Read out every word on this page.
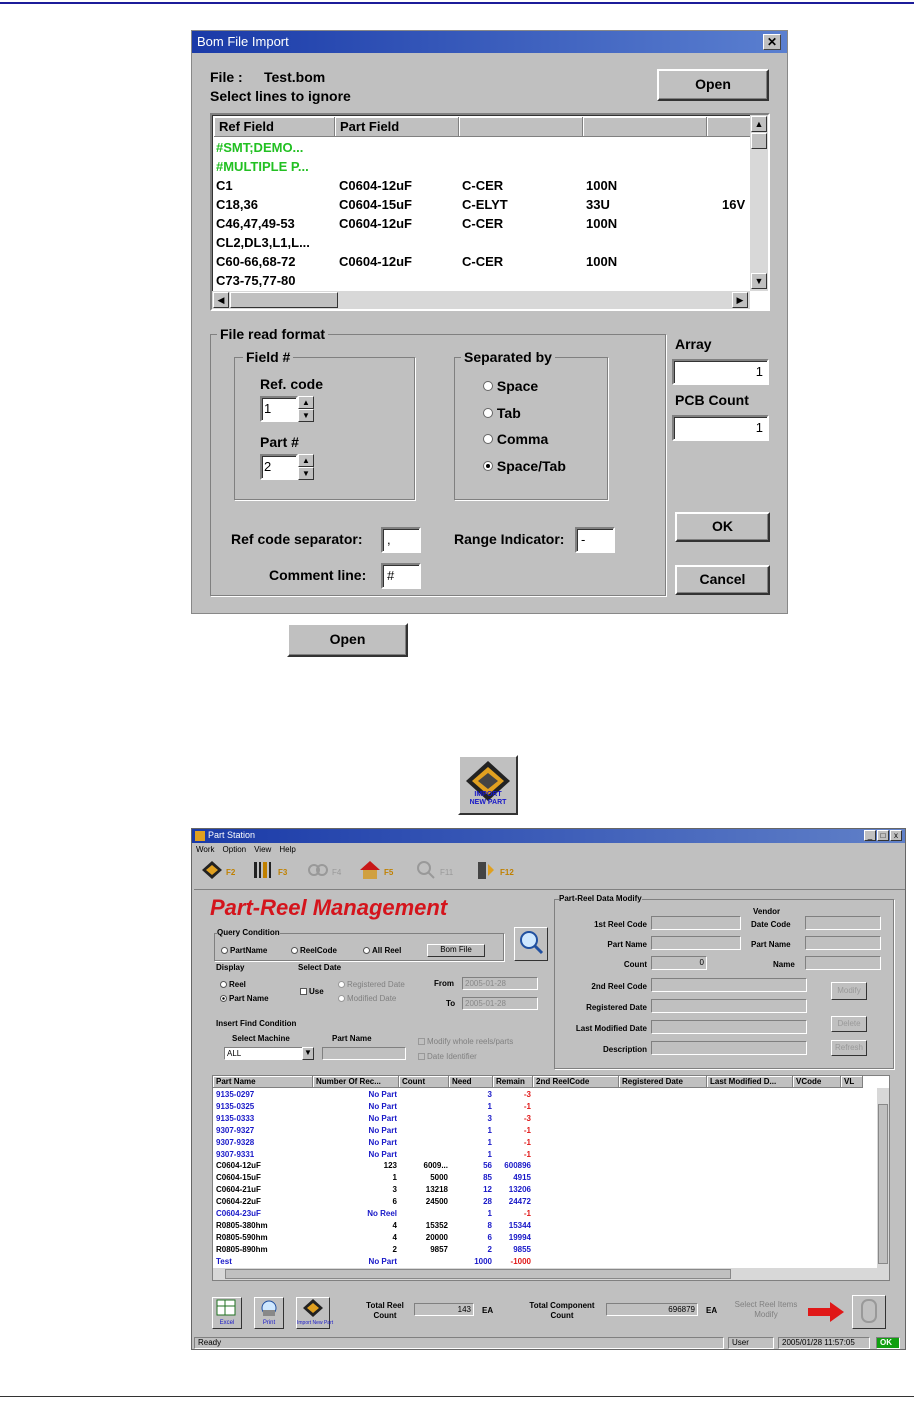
Bom File Import	✕
File : Test.bom
Select lines to ignore
Open
Ref Field	Part Field
#SMT;DEMO...
#MULTIPLE P...
C1	C0604-12uF	C-CER	100N
C18,36	C0604-15uF	C-ELYT	33U	16V
C46,47,49-53	C0604-12uF	C-CER	100N
CL2,DL3,L1,L...
C60-66,68-72	C0604-12uF	C-CER	100N
C73-75,77-80
▲
▼
◀	▶
File read format
Field #
Ref. code
1	▲
▼
Part #
2	▲
▼
Separated by
Space
Tab
Comma
Space/Tab
Ref code separator:	,	Range Indicator:	-
Comment line:	#
Array
1
PCB Count
1
OK
Cancel
Open
IMPORT
NEW PART
Part Station	_	□	x
Work Option View Help
F2	F3	F4	F5	F11	F12
Part-Reel Management
Query Condition
PartName	ReelCode	All Reel	Bom File
Display
Reel
Part Name
Select Date
Use
Registered Date
Modified Date
From	2005-01-28
To	2005-01-28
Insert Find Condition
Select Machine
ALL	▼
Part Name	Modify whole reels/parts
Date Identifier
Part-Reel Data Modify
1st Reel Code
Part Name
Count	0
2nd Reel Code
Registered Date
Last Modified Date
Description
Vendor
Date Code
Part Name
Name
Modify
Delete
Refresh
Part Name	Number Of Rec...	Count	Need	Remain	2nd ReelCode	Registered Date	Last Modified D...	VCode	VL
9135-0297	No Part	3	-3
9135-0325	No Part	1	-1
9135-0333	No Part	3	-3
9307-9327	No Part	1	-1
9307-9328	No Part	1	-1
9307-9331	No Part	1	-1
C0604-12uF	123	6009...	56 600896
C0604-15uF	1	5000	85	4915
C0604-21uF	3	13218	12 13206
C0604-22uF	6	24500	28 24472
C0604-23uF	No Reel	1	-1
R0805-380hm	4	15352	8 15344
R0805-590hm	4	20000	6 19994
R0805-890hm	2	9857	2	9855
Test	No Part	1000 -1000
Excel	Print	Import New Part
Total Reel
Count
143	EA
Total Component
Count
696879	EA
Select Reel Items
Modify
Ready	User	2005/01/28 11:57:05	OK
